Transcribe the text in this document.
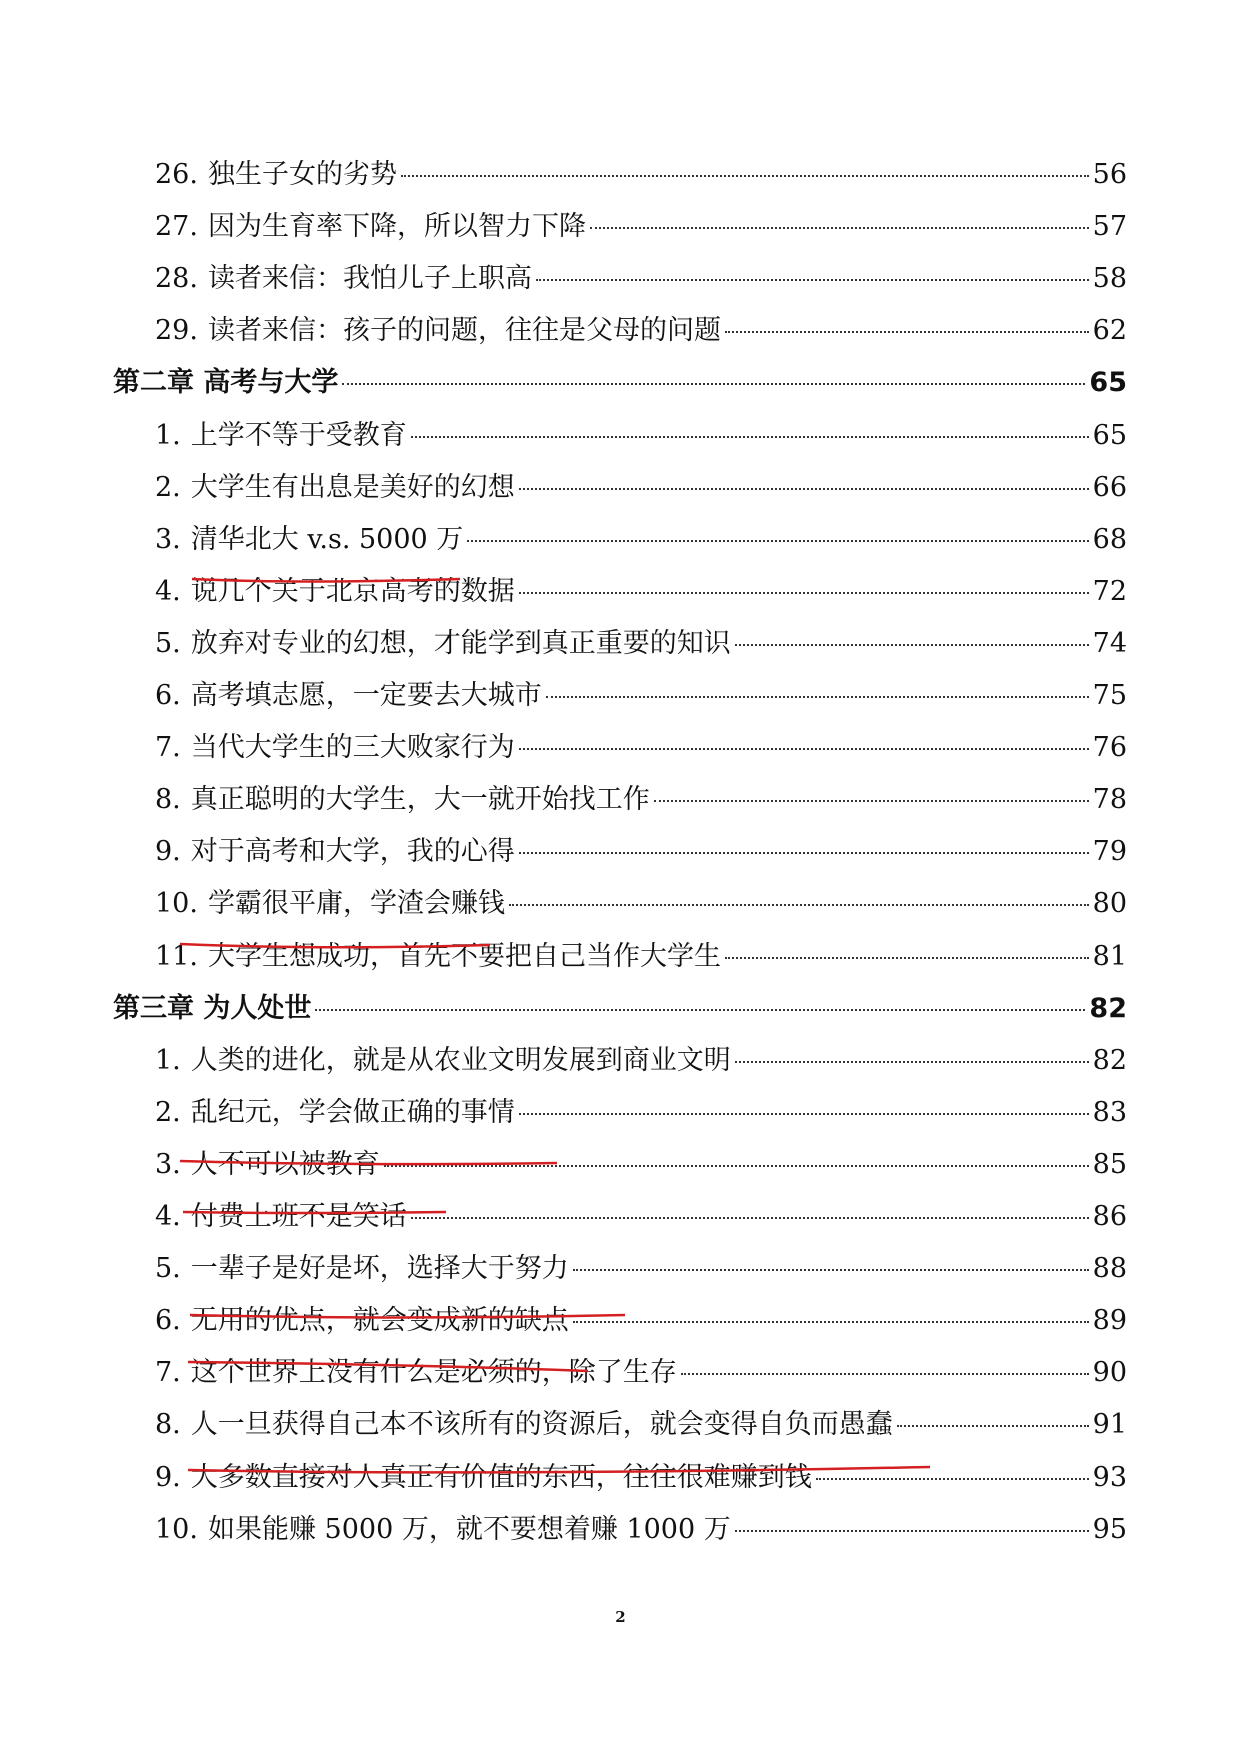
26. 独生子女的劣势	56
27. 因为生育率下降，所以智力下降	57
28. 读者来信：我怕儿子上职高	58
29. 读者来信：孩子的问题，往往是父母的问题	62
第二章 高考与大学	65
1. 上学不等于受教育	65
2. 大学生有出息是美好的幻想	66
3. 清华北大 v.s. 5000 万	68
4. 说几个关于北京高考的数据	72
5. 放弃对专业的幻想，才能学到真正重要的知识	74
6. 高考填志愿，一定要去大城市	75
7. 当代大学生的三大败家行为	76
8. 真正聪明的大学生，大一就开始找工作	78
9. 对于高考和大学，我的心得	79
10. 学霸很平庸，学渣会赚钱	80
11. 大学生想成功，首先不要把自己当作大学生	81
第三章 为人处世	82
1. 人类的进化，就是从农业文明发展到商业文明	82
2. 乱纪元，学会做正确的事情	83
3. 人不可以被教育	85
4. 付费上班不是笑话	86
5. 一辈子是好是坏，选择大于努力	88
6. 无用的优点，就会变成新的缺点	89
7. 这个世界上没有什么是必须的，除了生存	90
8. 人一旦获得自己本不该所有的资源后，就会变得自负而愚蠢	91
9. 大多数直接对人真正有价值的东西，往往很难赚到钱	93
10. 如果能赚 5000 万，就不要想着赚 1000 万	95
2
